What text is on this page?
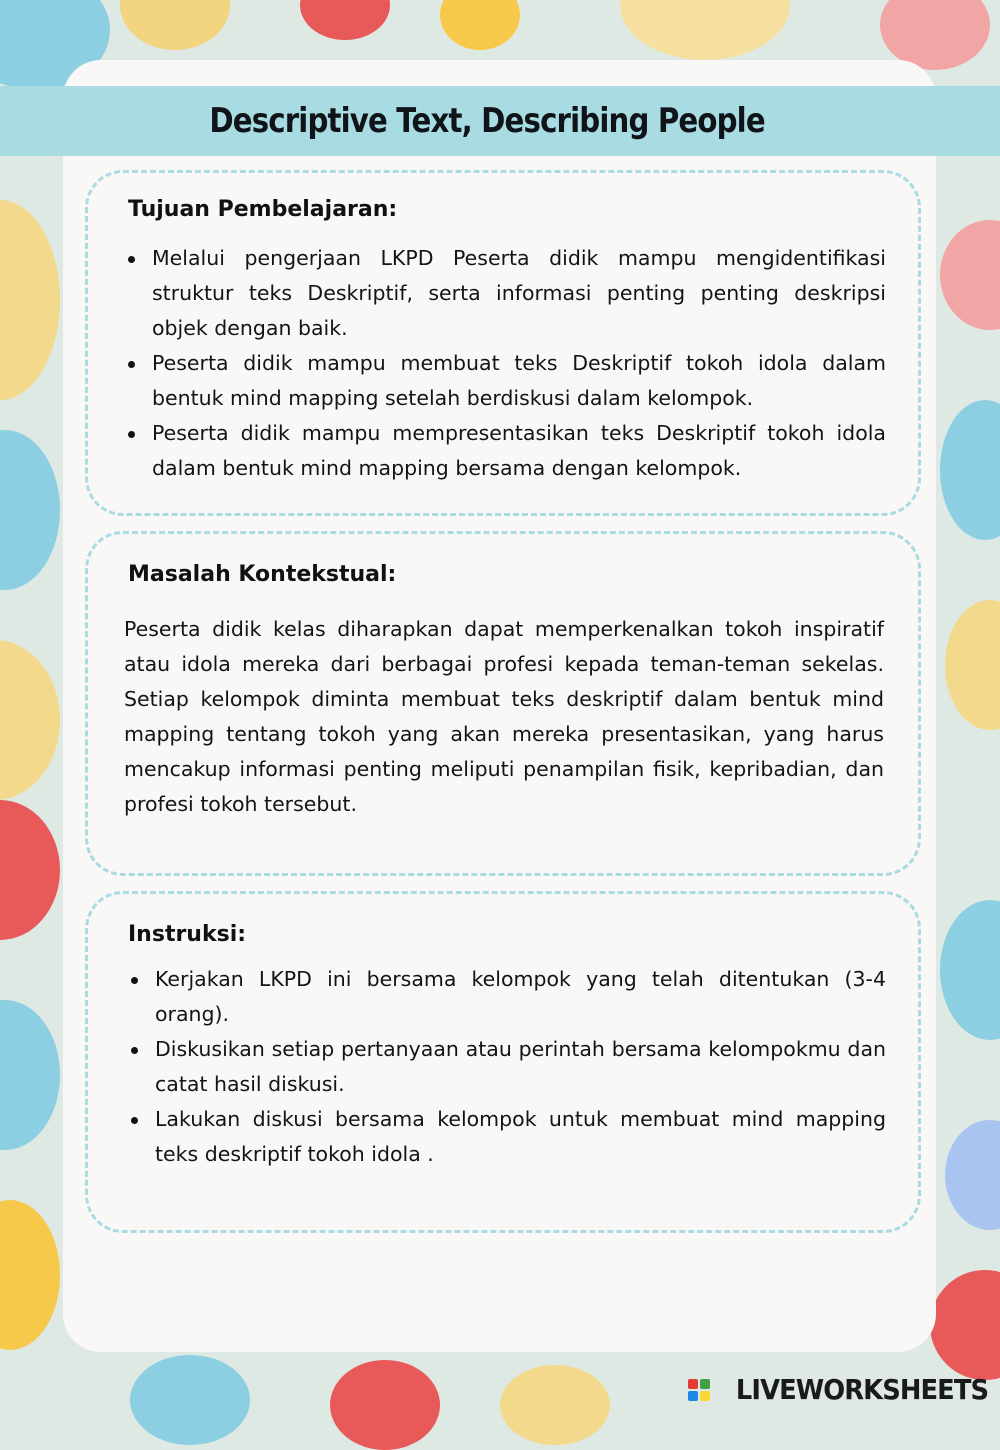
Descriptive Text, Describing People
Tujuan Pembelajaran:
Melalui pengerjaan LKPD Peserta didik mampu mengidentifikasi struktur teks Deskriptif, serta informasi penting penting deskripsi objek dengan baik.
Peserta didik mampu membuat teks Deskriptif tokoh idola dalam bentuk mind mapping setelah berdiskusi dalam kelompok.
Peserta didik mampu mempresentasikan teks Deskriptif tokoh idola dalam bentuk mind mapping bersama dengan kelompok.
Masalah Kontekstual:

Peserta didik kelas diharapkan dapat memperkenalkan tokoh inspiratif atau idola mereka dari berbagai profesi kepada teman-teman sekelas. Setiap kelompok diminta membuat teks deskriptif dalam bentuk mind mapping tentang tokoh yang akan mereka presentasikan, yang harus mencakup informasi penting meliputi penampilan fisik, kepribadian, dan profesi tokoh tersebut.

Instruksi:
Kerjakan LKPD ini bersama kelompok yang telah ditentukan (3-4 orang).
Diskusikan setiap pertanyaan atau perintah bersama kelompokmu dan catat hasil diskusi.
Lakukan diskusi bersama kelompok untuk membuat mind mapping teks deskriptif tokoh idola .
LIVEWORKSHEETS
